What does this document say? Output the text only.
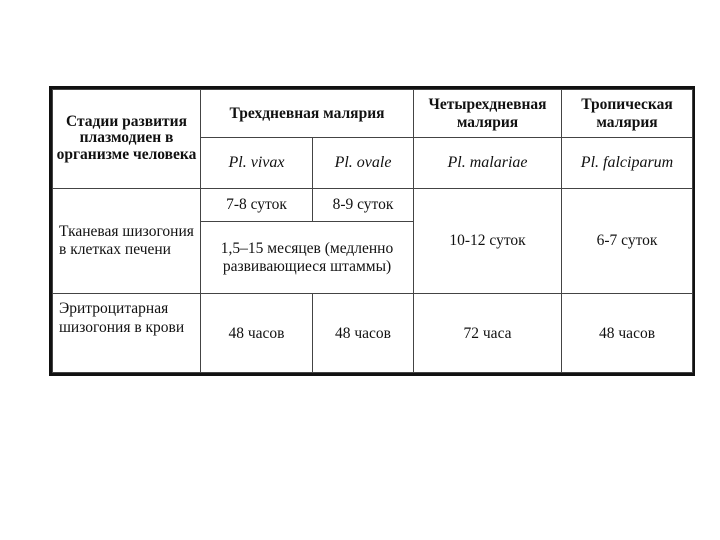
Стадии развития плазмодиен в организме человека	Трехдневная малярия		Четырехдневная малярия	Тропическая малярия
	Pl. vivax	Pl. ovale	Pl. malariae	Pl. falciparum
Тканевая шизогония в клетках печени	7-8 суток	8-9 суток	10-12 суток	6-7 суток
	1,5–15 месяцев (медленно развивающиеся штаммы)			
Эритроцитарная шизогония в крови	48 часов	48 часов	72 часа	48 часов
